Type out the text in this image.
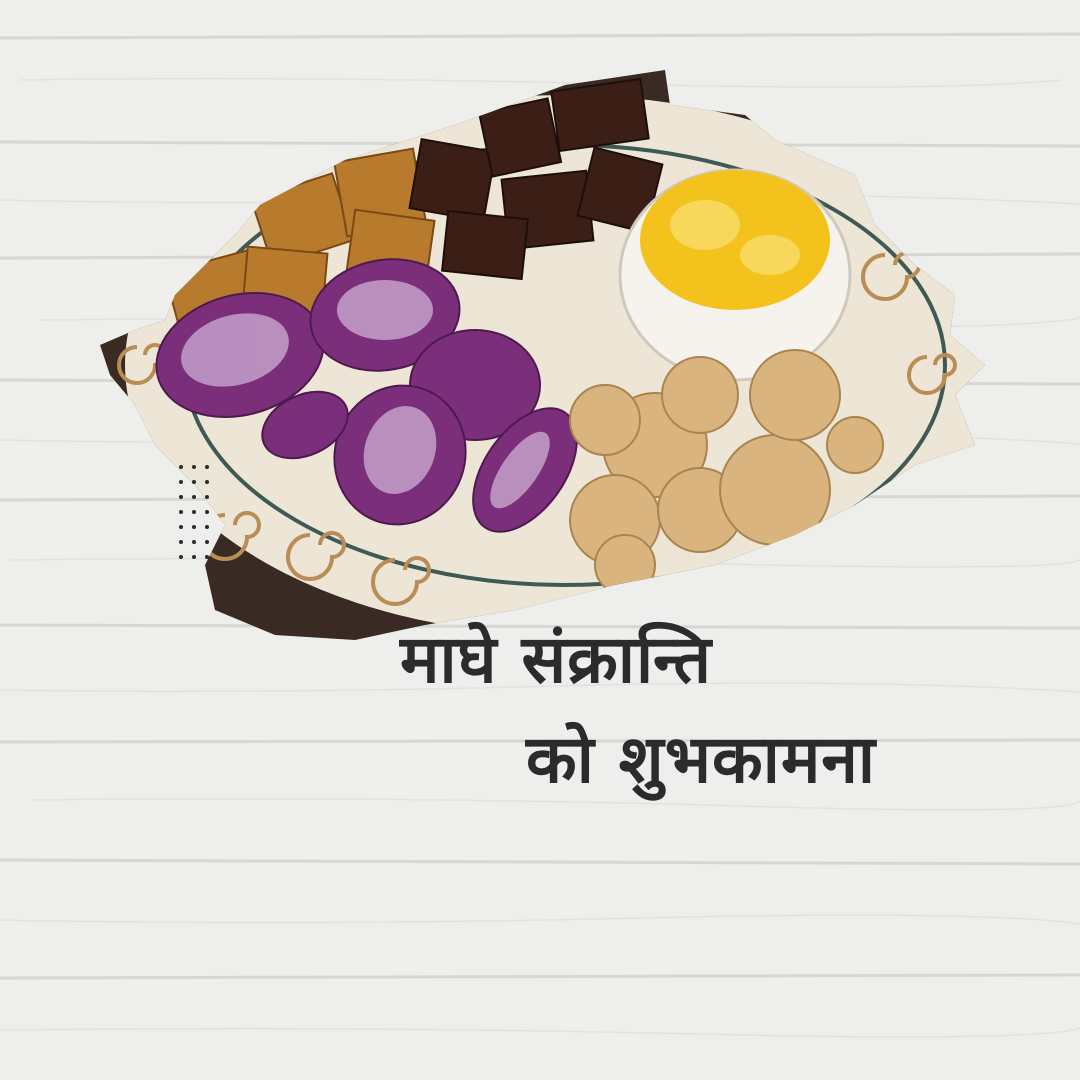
माघे संक्रान्ति
को शुभकामना
